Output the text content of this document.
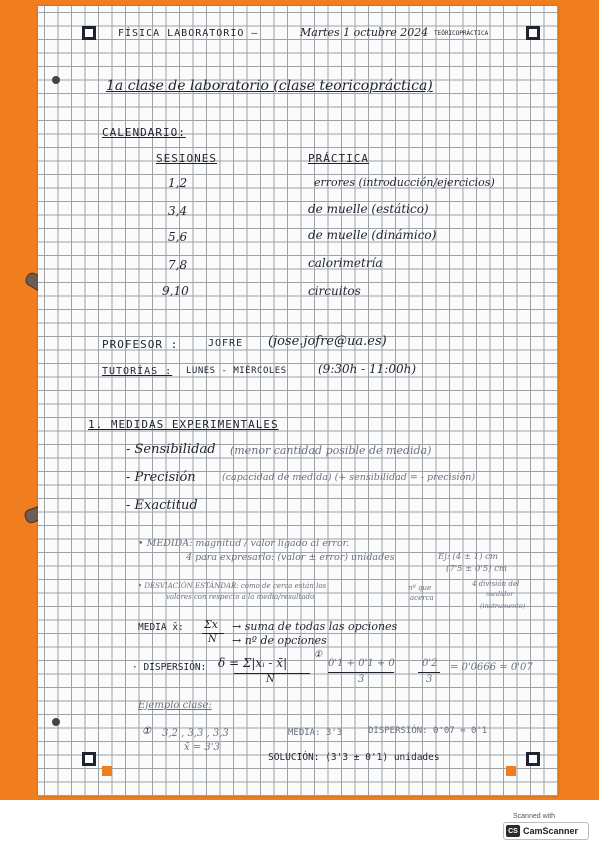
FÍSICA LABORATORIO —	Martes 1 octubre 2024 TEÓRICOPRÁCTICA
1a clase de laboratorio (clase teoricopráctica)
CALENDARIO:
SESIONES	PRÁCTICA
1,2	errores (introducción/ejercicios)
3,4	de muelle (estático)
5,6	de muelle (dinámico)
7,8	calorimetría
9,10	circuitos
PROFESOR :	JOFRE (jose.jofre@ua.es)
TUTORÍAS : LUNES - MIÉRCOLES	(9:30h - 11:00h)
1. MEDIDAS EXPERIMENTALES
- Sensibilidad (menor cantidad posible de medida)
- Precisión	(capacidad de medida) (+ sensibilidad = - precisión)
- Exactitud
• MEDIDA: magnitud / valor ligado al error.
4 para expresarlo: (valor ± error) unidades	Ej: (4 ± 1) cm
(7'5 ± 0'5) cm
• DESVIACIÓN ESTÁNDAR: cómo de cerca están los
valores con respecto a la media/resultado
nº que
acerca
4 división del
medidor
(instrumento)
MEDIA x̄: Σx
N
→ suma de todas las opciones
→ nº de opciones
· DISPERSIÓN: δ = Σ|xᵢ - x̄|
N
①
0'1 + 0'1 + 0
3
0'2
3
= 0'0666 = 0'07
Ejemplo clase:
① 3,2 , 3,3 , 3,3	MEDIA: 3'3	DISPERSIÓN: 0'07 ≈ 0'1
x̄ = 3'3
SOLUCIÓN: (3'3 ± 0'1) unidades
Scanned with
CS CamScanner
